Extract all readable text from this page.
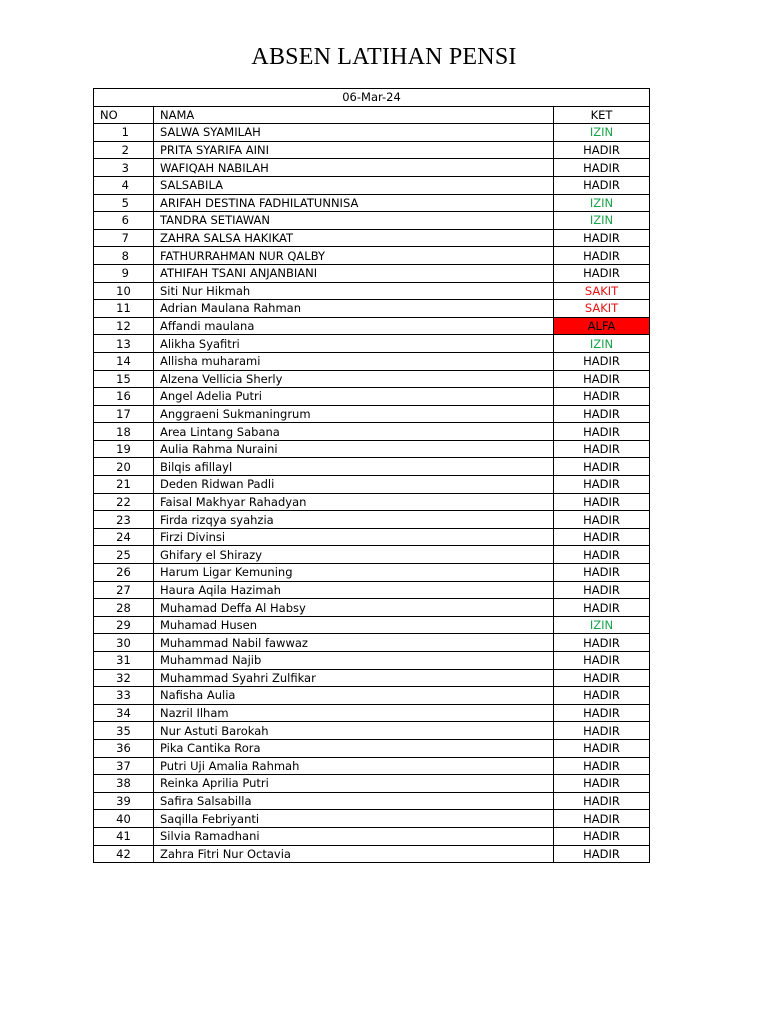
ABSEN LATIHAN PENSI
06-Mar-24		
NO	NAMA	KET
1	SALWA SYAMILAH	IZIN
2	PRITA SYARIFA AINI	HADIR
3	WAFIQAH NABILAH	HADIR
4	SALSABILA	HADIR
5	ARIFAH DESTINA FADHILATUNNISA	IZIN
6	TANDRA SETIAWAN	IZIN
7	ZAHRA SALSA HAKIKAT	HADIR
8	FATHURRAHMAN NUR QALBY	HADIR
9	ATHIFAH TSANI ANJANBIANI	HADIR
10	Siti Nur Hikmah	SAKIT
11	Adrian Maulana Rahman	SAKIT
12	Affandi maulana	ALFA
13	Alikha Syafitri	IZIN
14	Allisha muharami	HADIR
15	Alzena Vellicia Sherly	HADIR
16	Angel Adelia Putri	HADIR
17	Anggraeni Sukmaningrum	HADIR
18	Area Lintang Sabana	HADIR
19	Aulia Rahma Nuraini	HADIR
20	Bilqis afillayl	HADIR
21	Deden Ridwan Padli	HADIR
22	Faisal Makhyar Rahadyan	HADIR
23	Firda rizqya syahzia	HADIR
24	Firzi Divinsi	HADIR
25	Ghifary el Shirazy	HADIR
26	Harum Ligar Kemuning	HADIR
27	Haura Aqila Hazimah	HADIR
28	Muhamad Deffa Al Habsy	HADIR
29	Muhamad Husen	IZIN
30	Muhammad Nabil fawwaz	HADIR
31	Muhammad Najib	HADIR
32	Muhammad Syahri Zulfikar	HADIR
33	Nafisha Aulia	HADIR
34	Nazril Ilham	HADIR
35	Nur Astuti Barokah	HADIR
36	Pika Cantika Rora	HADIR
37	Putri Uji Amalia Rahmah	HADIR
38	Reinka Aprilia Putri	HADIR
39	Safira Salsabilla	HADIR
40	Saqilla Febriyanti	HADIR
41	Silvia Ramadhani	HADIR
42	Zahra Fitri Nur Octavia	HADIR
